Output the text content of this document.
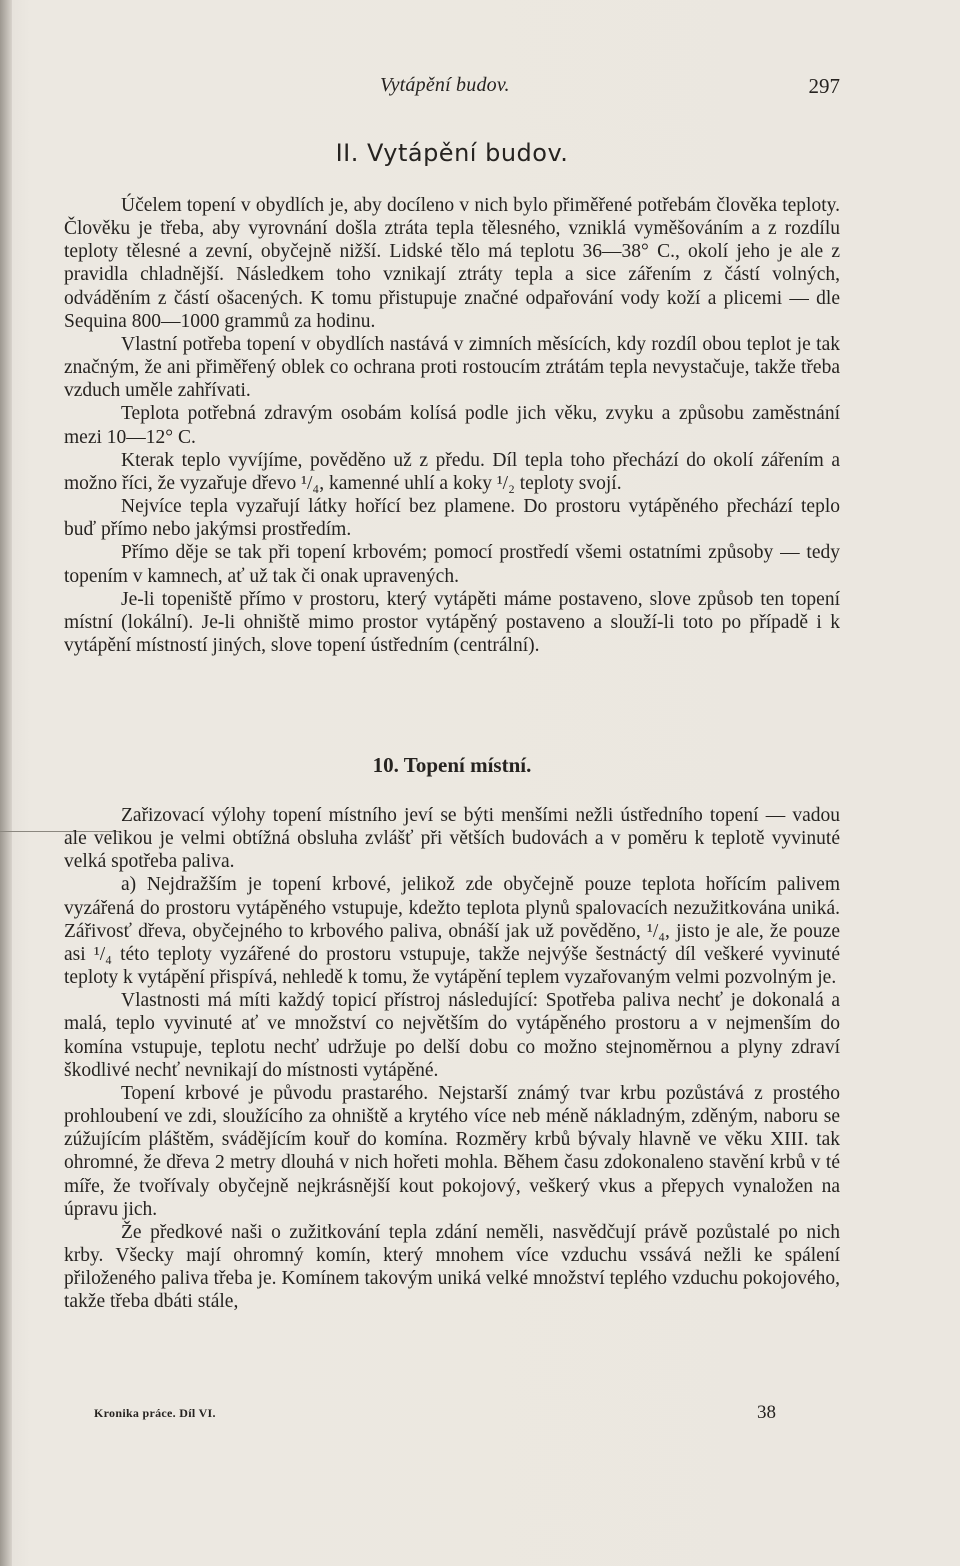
Vytápění budov.	297
II. Vytápění budov.

Účelem topení v obydlích je, aby docíleno v nich bylo přiměřené potřebám člověka teploty. Člověku je třeba, aby vyrovnání došla ztráta tepla tělesného, vzniklá vyměšováním a z rozdílu teploty tělesné a zevní, obyčejně nižší. Lidské tělo má teplotu 36—38° C., okolí jeho je ale z pravidla chladnější. Následkem toho vznikají ztráty tepla a sice zářením z částí volných, odváděním z částí ošacených. K tomu přistupuje značné odpařování vody koží a plicemi — dle Sequina 800—1000 grammů za hodinu.

Vlastní potřeba topení v obydlích nastává v zimních měsících, kdy rozdíl obou teplot je tak značným, že ani přiměřený oblek co ochrana proti rostoucím ztrátám tepla nevystačuje, takže třeba vzduch uměle zahřívati.

Teplota potřebná zdravým osobám kolísá podle jich věku, zvyku a způsobu zaměstnání mezi 10—12° C.

Kterak teplo vyvíjíme, pověděno už z předu. Díl tepla toho přechází do okolí zářením a možno říci, že vyzařuje dřevo ¹/₄, kamenné uhlí a koky ¹/₂ teploty svojí.

Nejvíce tepla vyzařují látky hořící bez plamene. Do prostoru vytápěného přechází teplo buď přímo nebo jakýmsi prostředím.

Přímo děje se tak při topení krbovém; pomocí prostředí všemi ostatními způsoby — tedy topením v kamnech, ať už tak či onak upravených.

Je-li topeniště přímo v prostoru, který vytápěti máme postaveno, slove způsob ten topení místní (lokální). Je-li ohniště mimo prostor vytápěný postaveno a slouží-li toto po případě i k vytápění místností jiných, slove topení ústředním (centrální).

10. Topení místní.

Zařizovací výlohy topení místního jeví se býti menšími nežli ústředního topení — vadou ale velikou je velmi obtížná obsluha zvlášť při větších budovách a v poměru k teplotě vyvinuté velká spotřeba paliva.

a) Nejdražším je topení krbové, jelikož zde obyčejně pouze teplota hořícím palivem vyzářená do prostoru vytápěného vstupuje, kdežto teplota plynů spalovacích nezužitkována uniká. Zářivosť dřeva, obyčejného to krbového paliva, obnáší jak už pověděno, ¹/₄, jisto je ale, že pouze asi ¹/₄ této teploty vyzářené do prostoru vstupuje, takže nejvýše šestnáctý díl veškeré vyvinuté teploty k vytápění přispívá, nehledě k tomu, že vytápění teplem vyzařovaným velmi pozvolným je.

Vlastnosti má míti každý topicí přístroj následující: Spotřeba paliva nechť je dokonalá a malá, teplo vyvinuté ať ve množství co největším do vytápěného prostoru a v nejmenším do komína vstupuje, teplotu nechť udržuje po delší dobu co možno stejnoměrnou a plyny zdraví škodlivé nechť nevnikají do místnosti vytápěné.

Topení krbové je původu prastarého. Nejstarší známý tvar krbu pozůstává z prostého prohloubení ve zdi, sloužícího za ohniště a krytého více neb méně nákladným, zděným, naboru se zúžujícím pláštěm, svádějícím kouř do komína. Rozměry krbů bývaly hlavně ve věku XIII. tak ohromné, že dřeva 2 metry dlouhá v nich hořeti mohla. Během času zdokonaleno stavění krbů v té míře, že tvořívaly obyčejně nejkrásnější kout pokojový, veškerý vkus a přepych vynaložen na úpravu jich.

Že předkové naši o zužitkování tepla zdání neměli, nasvědčují právě pozůstalé po nich krby. Všecky mají ohromný komín, který mnohem více vzduchu vssává nežli ke spálení přiloženého paliva třeba je. Komínem takovým uniká velké množství teplého vzduchu pokojového, takže třeba dbáti stále,

Kronika práce. Díl VI.	38
